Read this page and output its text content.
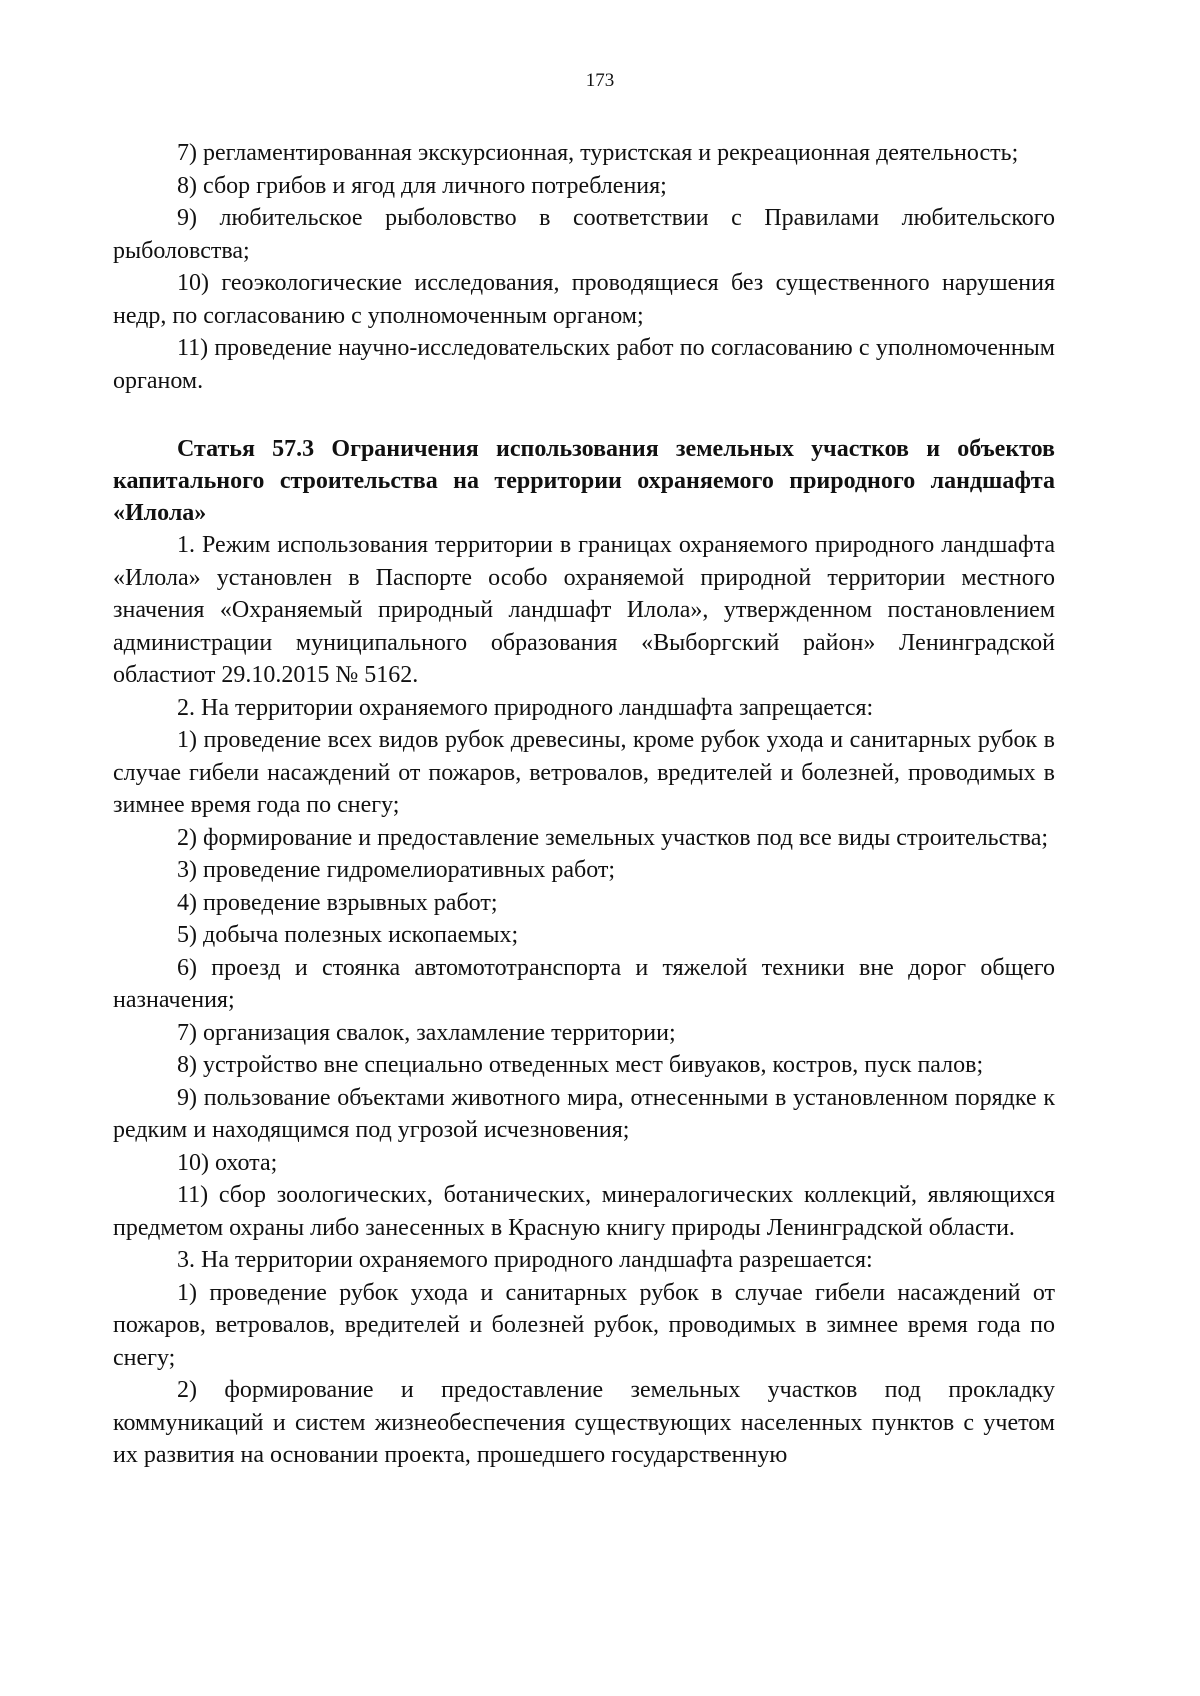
173

7) регламентированная экскурсионная, туристская и рекреационная деятельность;

8) сбор грибов и ягод для личного потребления;

9) любительское рыболовство в соответствии с Правилами любительского рыболовства;

10) геоэкологические исследования, проводящиеся без существенного нарушения недр, по согласованию с уполномоченным органом;

11) проведение научно-исследовательских работ по согласованию с уполномоченным органом.

Статья 57.3 Ограничения использования земельных участков и объектов капитального строительства на территории охраняемого природного ландшафта «Илола»

1. Режим использования территории в границах охраняемого природного ландшафта «Илола» установлен в Паспорте особо охраняемой природной территории местного значения «Охраняемый природный ландшафт Илола», утвержденном постановлением администрации муниципального образования «Выборгский район» Ленинградской областиот 29.10.2015 № 5162.

2. На территории охраняемого природного ландшафта запрещается:

1) проведение всех видов рубок древесины, кроме рубок ухода и санитарных рубок в случае гибели насаждений от пожаров, ветровалов, вредителей и болезней, проводимых в зимнее время года по снегу;

2) формирование и предоставление земельных участков под все виды строительства;

3) проведение гидромелиоративных работ;

4) проведение взрывных работ;

5) добыча полезных ископаемых;

6) проезд и стоянка автомототранспорта и тяжелой техники вне дорог общего назначения;

7) организация свалок, захламление территории;

8) устройство вне специально отведенных мест бивуаков, костров, пуск палов;

9) пользование объектами животного мира, отнесенными в установленном порядке к редким и находящимся под угрозой исчезновения;

10) охота;

11) сбор зоологических, ботанических, минералогических коллекций, являющихся предметом охраны либо занесенных в Красную книгу природы Ленинградской области.

3. На территории охраняемого природного ландшафта разрешается:

1) проведение рубок ухода и санитарных рубок в случае гибели насаждений от пожаров, ветровалов, вредителей и болезней рубок, проводимых в зимнее время года по снегу;

2) формирование и предоставление земельных участков под прокладку коммуникаций и систем жизнеобеспечения существующих населенных пунктов с учетом их развития на основании проекта, прошедшего государственную
